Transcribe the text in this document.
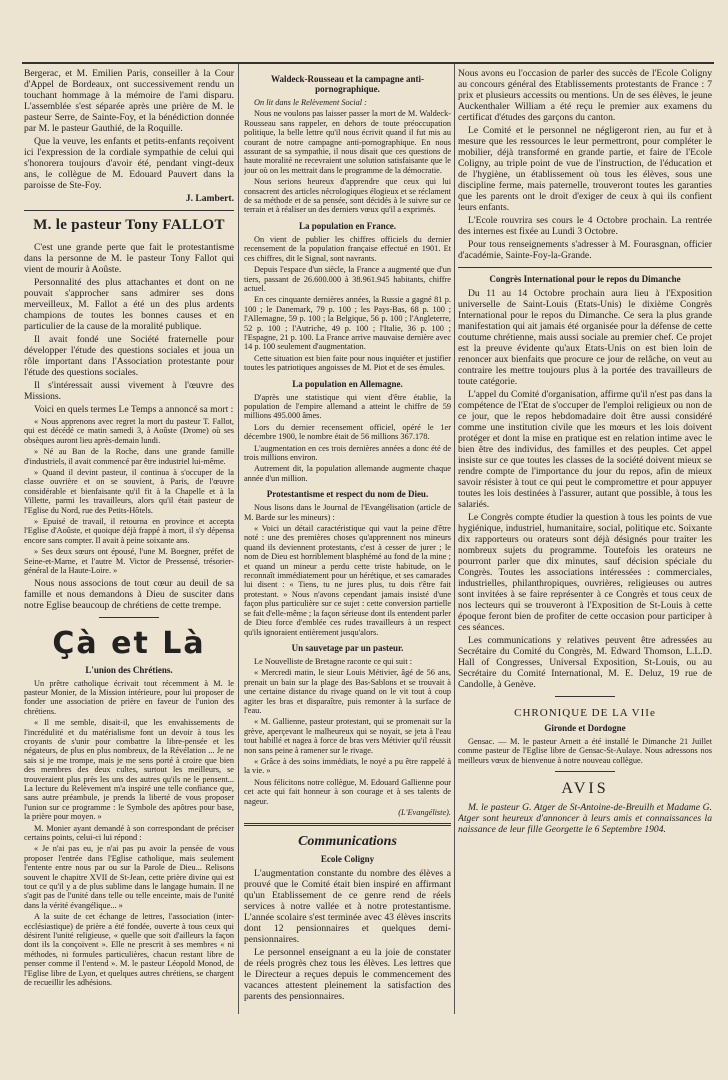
Bergerac, et M. Emilien Paris, conseiller à la Cour d'Appel de Bordeaux, ont successivement rendu un touchant hommage à la mémoire de l'ami disparu. L'assemblée s'est séparée après une prière de M. le pasteur Serre, de Sainte-Foy, et la bénédiction donnée par M. le pasteur Gauthié, de la Roquille.

Que la veuve, les enfants et petits-enfants reçoivent ici l'expression de la cordiale sympathie de celui qui s'honorera toujours d'avoir été, pendant vingt-deux ans, le collègue de M. Edouard Pauvert dans la paroisse de Ste-Foy.

J. Lambert.

M. le pasteur Tony FALLOT

C'est une grande perte que fait le protestantisme dans la personne de M. le pasteur Tony Fallot qui vient de mourir à Aoûste.

Personnalité des plus attachantes et dont on ne pouvait s'approcher sans admirer ses dons merveilleux, M. Fallot a été un des plus ardents champions de toutes les bonnes causes et en particulier de la cause de la moralité publique.

Il avait fondé une Société fraternelle pour développer l'étude des questions sociales et joua un rôle important dans l'Association protestante pour l'étude des questions sociales.

Il s'intéressait aussi vivement à l'œuvre des Missions.

Voici en quels termes Le Temps a annoncé sa mort :

« Nous apprenons avec regret la mort du pasteur T. Fallot, qui est décédé ce matin samedi 3, à Aoûste (Drome) où ses obsèques auront lieu après-demain lundi.

» Né au Ban de la Roche, dans une grande famille d'industriels, il avait commencé par être industriel lui-même.

» Quand il devint pasteur, il continua à s'occuper de la classe ouvrière et on se souvient, à Paris, de l'œuvre considérable et bienfaisante qu'il fit à la Chapelle et à la Villette, parmi les travailleurs, alors qu'il était pasteur de l'Eglise du Nord, rue des Petits-Hôtels.

» Epuisé de travail, il retourna en province et accepta l'Eglise d'Aoûste, et quoique déjà frappé à mort, il s'y dépensa encore sans compter. Il avait à peine soixante ans.

» Ses deux sœurs ont épousé, l'une M. Boegner, préfet de Seine-et-Marne, et l'autre M. Victor de Pressensé, trésorier-général de la Haute-Loire. »

Nous nous associons de tout cœur au deuil de sa famille et nous demandons à Dieu de susciter dans notre Eglise beaucoup de chrétiens de cette trempe.

Çà et Là
L'union des Chrétiens.

Un prêtre catholique écrivait tout récemment à M. le pasteur Monier, de la Mission intérieure, pour lui proposer de fonder une association de prière en faveur de l'union des chrétiens.

« Il me semble, disait-il, que les envahissements de l'incrédulité et du matérialisme font un devoir à tous les croyants de s'unir pour combattre la libre-pensée et les négateurs, de plus en plus nombreux, de la Révélation ... Je ne sais si je me trompe, mais je me sens porté à croire que bien des membres des deux cultes, surtout les meilleurs, se trouveraient plus près les uns des autres qu'ils ne le pensent... La lecture du Relèvement m'a inspiré une telle confiance que, sans autre préambule, je prends la liberté de vous proposer l'union sur ce programme : le Symbole des apôtres pour base, la prière pour moyen. »

M. Monier ayant demandé à son correspondant de préciser certains points, celui-ci lui répond :

« Je n'ai pas eu, je n'ai pas pu avoir la pensée de vous proposer l'entrée dans l'Eglise catholique, mais seulement l'entente entre nous par ou sur la Parole de Dieu... Relisons souvent le chapitre XVII de St-Jean, cette prière divine qui est tout ce qu'il y a de plus sublime dans le langage humain. Il ne s'agit pas de l'unité dans telle ou telle enceinte, mais de l'unité dans la vérité évangélique... »

A la suite de cet échange de lettres, l'association (inter-ecclésiastique) de prière a été fondée, ouverte à tous ceux qui désirent l'unité religieuse, « quelle que soit d'ailleurs la façon dont ils la conçoivent ». Elle ne prescrit à ses membres « ni méthodes, ni formules particulières, chacun restant libre de penser comme il l'entend ». M. le pasteur Léopold Monod, de l'Eglise libre de Lyon, et quelques autres chrétiens, se chargent de recueillir les adhésions.

Waldeck-Rousseau et la campagne anti-pornographique.

On lit dans le Relèvement Social :

Nous ne voulons pas laisser passer la mort de M. Waldeck-Rousseau sans rappeler, en dehors de toute préoccupation politique, la belle lettre qu'il nous écrivit quand il fut mis au courant de notre campagne anti-pornographique. En nous assurant de sa sympathie, il nous disait que ces questions de haute moralité ne recevraient une solution satisfaisante que le jour où on les mettrait dans le programme de la démocratie.

Nous serions heureux d'apprendre que ceux qui lui consacrent des articles nécrologiques élogieux et se réclament de sa méthode et de sa pensée, sont décidés à le suivre sur ce terrain et à réaliser un des derniers vœux qu'il a exprimés.

La population en France.

On vient de publier les chiffres officiels du dernier recensement de la population française effectué en 1901. Et ces chiffres, dit le Signal, sont navrants.

Depuis l'espace d'un siècle, la France a augmenté que d'un tiers, passant de 26.600.000 à 38.961.945 habitants, chiffre actuel.

En ces cinquante dernières années, la Russie a gagné 81 p. 100 ; le Danemark, 79 p. 100 ; les Pays-Bas, 68 p. 100 ; l'Allemagne, 59 p. 100 ; la Belgique, 56 p. 100 ; l'Angleterre, 52 p. 100 ; l'Autriche, 49 p. 100 ; l'Italie, 36 p. 100 ; l'Espagne, 21 p. 100. La France arrive mauvaise dernière avec 14 p. 100 seulement d'augmentation.

Cette situation est bien faite pour nous inquiéter et justifier toutes les patriotiques angoisses de M. Piot et de ses émules.

La population en Allemagne.

D'après une statistique qui vient d'être établie, la population de l'empire allemand a atteint le chiffre de 59 millions 495.000 âmes.

Lors du dernier recensement officiel, opéré le 1er décembre 1900, le nombre était de 56 millions 367.178.

L'augmentation en ces trois dernières années a donc été de trois millions environ.

Autrement dit, la population allemande augmente chaque année d'un million.

Protestantisme et respect du nom de Dieu.

Nous lisons dans le Journal de l'Evangélisation (article de M. Barde sur les mineurs) :

« Voici un détail caractéristique qui vaut la peine d'être noté : une des premières choses qu'apprennent nos mineurs quand ils deviennent protestants, c'est à cesser de jurer ; le nom de Dieu est horriblement blasphémé au fond de la mine ; et quand un mineur a perdu cette triste habitude, on le reconnaît immédiatement pour un hérétique, et ses camarades lui disent : « Tiens, tu ne jures plus, tu dois t'être fait protestant. » Nous n'avons cependant jamais insisté d'une façon plus particulière sur ce sujet : cette conversion partielle se fait d'elle-même ; la façon sérieuse dont ils entendent parler de Dieu force d'emblée ces rudes travailleurs à un respect qu'ils ignoraient entièrement jusqu'alors.

Un sauvetage par un pasteur.

Le Nouvelliste de Bretagne raconte ce qui suit :

« Mercredi matin, le sieur Louis Métivier, âgé de 56 ans, prenait un bain sur la plage des Bas-Sablons et se trouvait à une certaine distance du rivage quand on le vit tout à coup agiter les bras et disparaître, puis remonter à la surface de l'eau.

« M. Gallienne, pasteur protestant, qui se promenait sur la grève, aperçevant le malheureux qui se noyait, se jeta à l'eau tout habillé et nagea à force de bras vers Métivier qu'il réussit non sans peine à ramener sur le rivage.

« Grâce à des soins immédiats, le noyé a pu être rappelé à la vie. »

Nous félicitons notre collègue, M. Edouard Gallienne pour cet acte qui fait honneur à son courage et à ses talents de nageur.

(L'Evangéliste).

Communications
Ecole Coligny

L'augmentation constante du nombre des élèves a prouvé que le Comité était bien inspiré en affirmant qu'un Etablissement de ce genre rend de réels services à notre vallée et à notre protestantisme. L'année scolaire s'est terminée avec 43 élèves inscrits dont 12 pensionnaires et quelques demi-pensionnaires.

Le personnel enseignant a eu la joie de constater de réels progrès chez tous les élèves. Les lettres que le Directeur a reçues depuis le commencement des vacances attestent pleinement la satisfaction des parents des pensionnaires.

Nous avons eu l'occasion de parler des succès de l'Ecole Coligny au concours général des Etablissements protestants de France : 7 prix et plusieurs accessits ou mentions. Un de ses élèves, le jeune Auckenthaler William a été reçu le premier aux examens du certificat d'études des garçons du canton.

Le Comité et le personnel ne négligeront rien, au fur et à mesure que les ressources le leur permettront, pour compléter le mobilier, déjà transformé en grande partie, et faire de l'Ecole Coligny, au triple point de vue de l'instruction, de l'éducation et de l'hygiène, un établissement où tous les élèves, sous une discipline ferme, mais paternelle, trouveront toutes les garanties que les parents ont le droit d'exiger de ceux à qui ils confient leurs enfants.

L'Ecole rouvrira ses cours le 4 Octobre prochain. La rentrée des internes est fixée au Lundi 3 Octobre.

Pour tous renseignements s'adresser à M. Fourasgnan, officier d'académie, Sainte-Foy-la-Grande.

Congrès International pour le repos du Dimanche

Du 11 au 14 Octobre prochain aura lieu à l'Exposition universelle de Saint-Louis (Etats-Unis) le dixième Congrès International pour le repos du Dimanche. Ce sera la plus grande manifestation qui ait jamais été organisée pour la défense de cette coutume chrétienne, mais aussi sociale au premier chef. Ce projet est la preuve évidente qu'aux Etats-Unis on est bien loin de renoncer aux bienfaits que procure ce jour de relâche, on veut au contraire les mettre toujours plus à la portée des travailleurs de toute catégorie.

L'appel du Comité d'organisation, affirme qu'il n'est pas dans la compétence de l'Etat de s'occuper de l'emploi religieux ou non de ce jour, que le repos hebdomadaire doit être aussi considéré comme une institution civile que les mœurs et les lois doivent protéger et dont la mise en pratique est en relation intime avec le bien être des individus, des familles et des peuples. Cet appel insiste sur ce que toutes les classes de la société doivent mieux se rendre compte de l'importance du jour du repos, afin de mieux savoir résister à tout ce qui peut le compromettre et pour appuyer toutes les lois destinées à l'assurer, autant que possible, à tous les salariés.

Le Congrès compte étudier la question à tous les points de vue hygiénique, industriel, humanitaire, social, politique etc. Soixante dix rapporteurs ou orateurs sont déjà désignés pour traiter les nombreux sujets du programme. Toutefois les orateurs ne pourront parler que dix minutes, sauf décision spéciale du Congrès. Toutes les associations intéressées : commerciales, industrielles, philanthropiques, ouvrières, religieuses ou autres sont invitées à se faire représenter à ce Congrès et tous ceux de nos lecteurs qui se trouveront à l'Exposition de St-Louis à cette époque feront bien de profiter de cette occasion pour participer à ces séances.

Les communications y relatives peuvent être adressées au Secrétaire du Comité du Congrès, M. Edward Thomson, L.L.D. Hall of Congresses, Universal Exposition, St-Louis, ou au Secrétaire du Comité International, M. E. Deluz, 19 rue de Candolle, à Genève.

CHRONIQUE DE LA VIIe
Gironde et Dordogne

Gensac. — M. le pasteur Arnett a été installé le Dimanche 21 Juillet comme pasteur de l'Eglise libre de Gensac-St-Aulaye. Nous adressons nos meilleurs vœux de bienvenue à notre nouveau collègue.

AVIS

M. le pasteur G. Atger de St-Antoine-de-Breuilh et Madame G. Atger sont heureux d'annoncer à leurs amis et connaissances la naissance de leur fille Georgette le 6 Septembre 1904.
